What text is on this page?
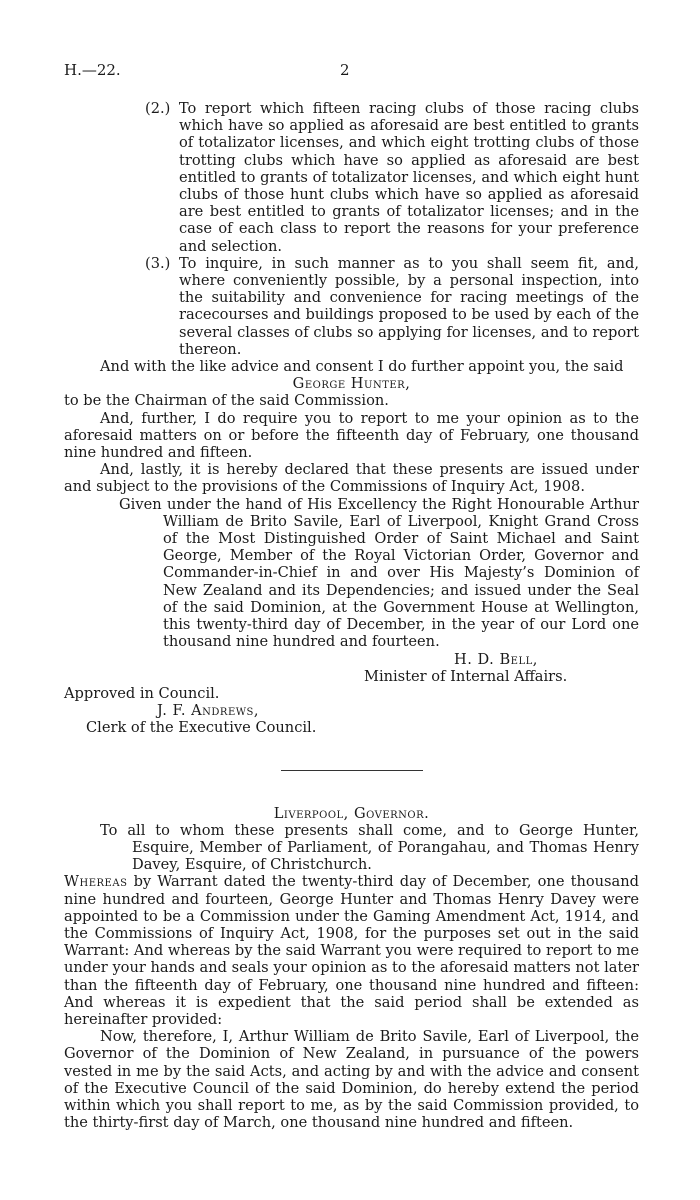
H.—22.	2

(2.) To report which fifteen racing clubs of those racing clubs which have so applied as aforesaid are best entitled to grants of totalizator licenses, and which eight trotting clubs of those trotting clubs which have so applied as aforesaid are best entitled to grants of totalizator licenses, and which eight hunt clubs of those hunt clubs which have so applied as aforesaid are best entitled to grants of totalizator licenses; and in the case of each class to report the reasons for your preference and selection.

(3.) To inquire, in such manner as to you shall seem fit, and, where conveniently possible, by a personal inspection, into the suitability and convenience for racing meetings of the racecourses and buildings proposed to be used by each of the several classes of clubs so applying for licenses, and to report thereon.

And with the like advice and consent I do further appoint you, the said

George Hunter,

to be the Chairman of the said Commission.

And, further, I do require you to report to me your opinion as to the aforesaid matters on or before the fifteenth day of February, one thousand nine hundred and fifteen.

And, lastly, it is hereby declared that these presents are issued under and subject to the provisions of the Commissions of Inquiry Act, 1908.

Given under the hand of His Excellency the Right Honourable Arthur William de Brito Savile, Earl of Liverpool, Knight Grand Cross of the Most Distinguished Order of Saint Michael and Saint George, Member of the Royal Victorian Order, Governor and Commander-in-Chief in and over His Majesty’s Dominion of New Zealand and its Dependencies; and issued under the Seal of the said Dominion, at the Government House at Wellington, this twenty-third day of December, in the year of our Lord one thousand nine hundred and fourteen.

H. D. Bell,

Minister of Internal Affairs.

Approved in Council.

J. F. Andrews,

Clerk of the Executive Council.

Liverpool, Governor.

To all to whom these presents shall come, and to George Hunter, Esquire, Member of Parliament, of Porangahau, and Thomas Henry Davey, Esquire, of Christchurch.

Whereas by Warrant dated the twenty-third day of December, one thousand nine hundred and fourteen, George Hunter and Thomas Henry Davey were appointed to be a Commission under the Gaming Amendment Act, 1914, and the Commissions of Inquiry Act, 1908, for the purposes set out in the said Warrant: And whereas by the said Warrant you were required to report to me under your hands and seals your opinion as to the aforesaid matters not later than the fifteenth day of February, one thousand nine hundred and fifteen: And whereas it is expedient that the said period shall be extended as hereinafter provided:

Now, therefore, I, Arthur William de Brito Savile, Earl of Liverpool, the Governor of the Dominion of New Zealand, in pursuance of the powers vested in me by the said Acts, and acting by and with the advice and consent of the Executive Council of the said Dominion, do hereby extend the period within which you shall report to me, as by the said Commission provided, to the thirty-first day of March, one thousand nine hundred and fifteen.
